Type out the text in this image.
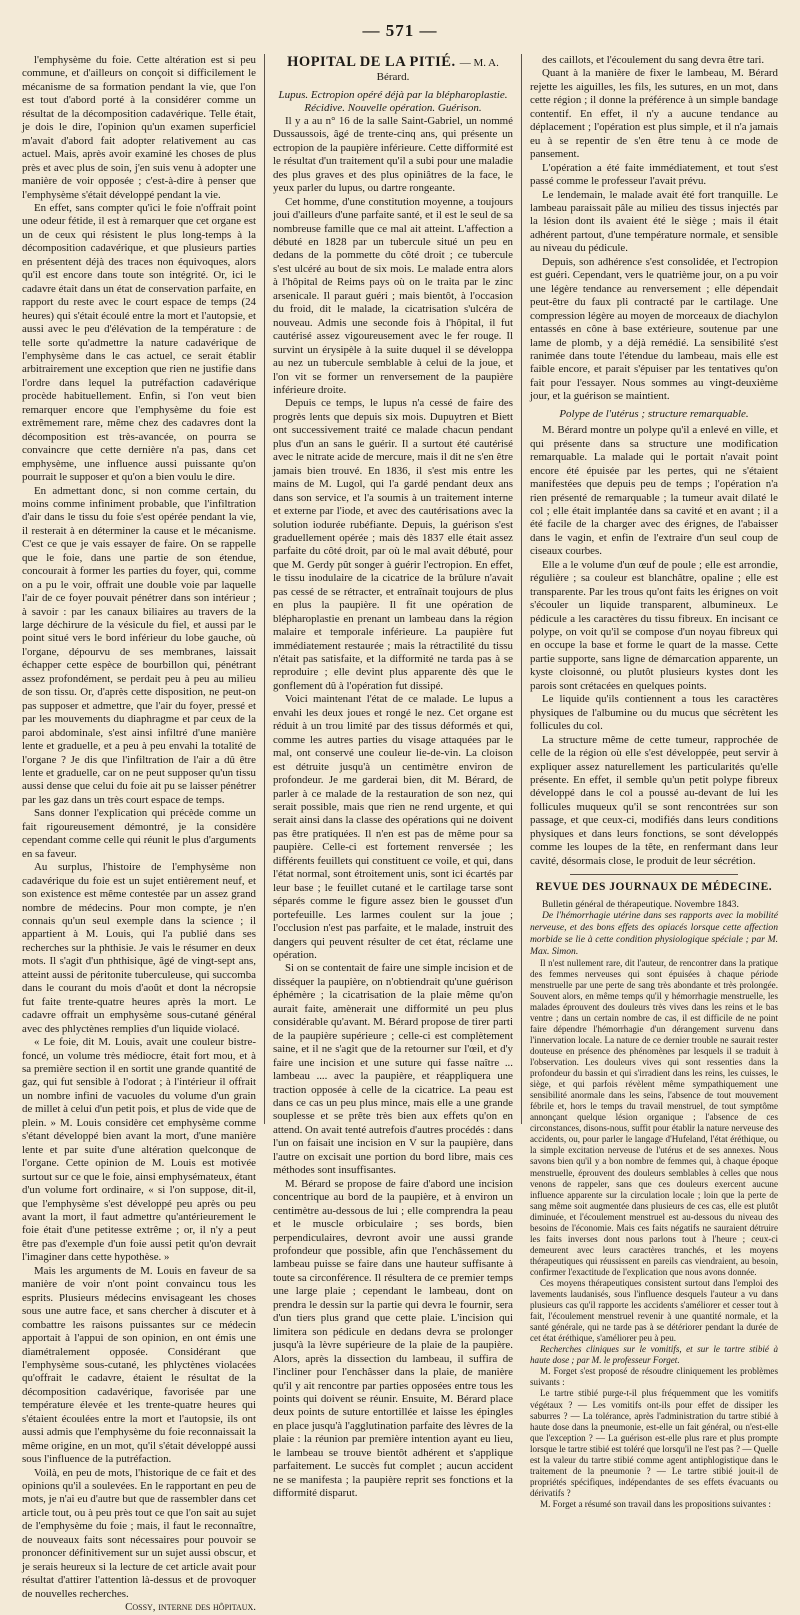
— 571 —

l'emphysème du foie. Cette altération est si peu commune, et d'ailleurs on conçoit si difficilement le mécanisme de sa formation pendant la vie, que l'on est tout d'abord porté à la considérer comme un résultat de la décomposition cadavérique. Telle était, je dois le dire, l'opinion qu'un examen superficiel m'avait d'abord fait adopter relativement au cas actuel. Mais, après avoir examiné les choses de plus près et avec plus de soin, j'en suis venu à adopter une manière de voir opposée ; c'est-à-dire à penser que l'emphysème s'était développé pendant la vie.

En effet, sans compter qu'ici le foie n'offrait point une odeur fétide, il est à remarquer que cet organe est un de ceux qui résistent le plus long-temps à la décomposition cadavérique, et que plusieurs parties en présentent déjà des traces non équivoques, alors qu'il est encore dans toute son intégrité. Or, ici le cadavre était dans un état de conservation parfaite, en rapport du reste avec le court espace de temps (24 heures) qui s'était écoulé entre la mort et l'autopsie, et aussi avec le peu d'élévation de la température : de telle sorte qu'admettre la nature cadavérique de l'emphysème dans le cas actuel, ce serait établir arbitrairement une exception que rien ne justifie dans l'ordre dans lequel la putréfaction cadavérique procède habituellement. Enfin, si l'on veut bien remarquer encore que l'emphysème du foie est extrêmement rare, même chez des cadavres dont la décomposition est très-avancée, on pourra se convaincre que cette dernière n'a pas, dans cet emphysème, une influence aussi puissante qu'on pourrait le supposer et qu'on a bien voulu le dire.

En admettant donc, si non comme certain, du moins comme infiniment probable, que l'infiltration d'air dans le tissu du foie s'est opérée pendant la vie, il resterait à en déterminer la cause et le mécanisme. C'est ce que je vais essayer de faire. On se rappelle que le foie, dans une partie de son étendue, concourait à former les parties du foyer, qui, comme on a pu le voir, offrait une double voie par laquelle l'air de ce foyer pouvait pénétrer dans son intérieur ; à savoir : par les canaux biliaires au travers de la large déchirure de la vésicule du fiel, et aussi par le point situé vers le bord inférieur du lobe gauche, où l'organe, dépourvu de ses membranes, laissait échapper cette espèce de bourbillon qui, pénétrant assez profondément, se perdait peu à peu au milieu de son tissu. Or, d'après cette disposition, ne peut-on pas supposer et admettre, que l'air du foyer, pressé et par les mouvements du diaphragme et par ceux de la paroi abdominale, s'est ainsi infiltré d'une manière lente et graduelle, et a peu à peu envahi la totalité de l'organe ? Je dis que l'infiltration de l'air a dû être lente et graduelle, car on ne peut supposer qu'un tissu aussi dense que celui du foie ait pu se laisser pénétrer par les gaz dans un très court espace de temps.

Sans donner l'explication qui précède comme un fait rigoureusement démontré, je la considère cependant comme celle qui réunit le plus d'arguments en sa faveur.

Au surplus, l'histoire de l'emphysème non cadavérique du foie est un sujet entièrement neuf, et son existence est même contestée par un assez grand nombre de médecins. Pour mon compte, je n'en connais qu'un seul exemple dans la science ; il appartient à M. Louis, qui l'a publié dans ses recherches sur la phthisie. Je vais le résumer en deux mots. Il s'agit d'un phthisique, âgé de vingt-sept ans, atteint aussi de péritonite tuberculeuse, qui succomba dans le courant du mois d'août et dont la nécropsie fut faite trente-quatre heures après la mort. Le cadavre offrait un emphysème sous-cutané général avec des phlyctènes remplies d'un liquide violacé.

« Le foie, dit M. Louis, avait une couleur bistre-foncé, un volume très médiocre, était fort mou, et à sa première section il en sortit une grande quantité de gaz, qui fut sensible à l'odorat ; à l'intérieur il offrait un nombre infini de vacuoles du volume d'un grain de millet à celui d'un petit pois, et plus de vide que de plein. » M. Louis considère cet emphysème comme s'étant développé bien avant la mort, d'une manière lente et par suite d'une altération quelconque de l'organe. Cette opinion de M. Louis est motivée surtout sur ce que le foie, ainsi emphysémateux, étant d'un volume fort ordinaire, « si l'on suppose, dit-il, que l'emphysème s'est développé peu après ou peu avant la mort, il faut admettre qu'antérieurement le foie était d'une petitesse extrême ; or, il n'y a peut être pas d'exemple d'un foie aussi petit qu'on devrait l'imaginer dans cette hypothèse. »

Mais les arguments de M. Louis en faveur de sa manière de voir n'ont point convaincu tous les esprits. Plusieurs médecins envisageant les choses sous une autre face, et sans chercher à discuter et à combattre les raisons puissantes sur ce médecin apportait à l'appui de son opinion, en ont émis une diamétralement opposée. Considérant que l'emphysème sous-cutané, les phlyctènes violacées qu'offrait le cadavre, étaient le résultat de la décomposition cadavérique, favorisée par une température élevée et les trente-quatre heures qui s'étaient écoulées entre la mort et l'autopsie, ils ont aussi admis que l'emphysème du foie reconnaissait la même origine, en un mot, qu'il s'était développé aussi sous l'influence de la putréfaction.

Voilà, en peu de mots, l'historique de ce fait et des opinions qu'il a soulevées. En le rapportant en peu de mots, je n'ai eu d'autre but que de rassembler dans cet article tout, ou à peu près tout ce que l'on sait au sujet de l'emphysème du foie ; mais, il faut le reconnaître, de nouveaux faits sont nécessaires pour pouvoir se prononcer définitivement sur un sujet aussi obscur, et je serais heureux si la lecture de cet article avait pour résultat d'attirer l'attention là-dessus et de provoquer de nouvelles recherches.

Cossy, interne des hôpitaux.

HOPITAL DE LA PITIÉ. — M. A. Bérard.

Lupus. Ectropion opéré déjà par la blépharoplastie. Récidive. Nouvelle opération. Guérison.

Il y a au n° 16 de la salle Saint-Gabriel, un nommé Dussaussois, âgé de trente-cinq ans, qui présente un ectropion de la paupière inférieure. Cette difformité est le résultat d'un traitement qu'il a subi pour une maladie des plus graves et des plus opiniâtres de la face, le yeux parler du lupus, ou dartre rongeante.

Cet homme, d'une constitution moyenne, a toujours joui d'ailleurs d'une parfaite santé, et il est le seul de sa nombreuse famille que ce mal ait atteint. L'affection a débuté en 1828 par un tubercule situé un peu en dedans de la pommette du côté droit ; ce tubercule s'est ulcéré au bout de six mois. Le malade entra alors à l'hôpital de Reims pays où on le traita par le zinc arsenicale. Il paraut guéri ; mais bientôt, à l'occasion du froid, dit le malade, la cicatrisation s'ulcéra de nouveau. Admis une seconde fois à l'hôpital, il fut cautérisé assez vigoureusement avec le fer rouge. Il survint un érysipèle à la suite duquel il se développa au nez un tubercule semblable à celui de la joue, et l'on vit se former un renversement de la paupière inférieure droite.

Depuis ce temps, le lupus n'a cessé de faire des progrès lents que depuis six mois. Dupuytren et Biett ont successivement traité ce malade chacun pendant plus d'un an sans le guérir. Il a surtout été cautérisé avec le nitrate acide de mercure, mais il dit ne s'en être jamais bien trouvé. En 1836, il s'est mis entre les mains de M. Lugol, qui l'a gardé pendant deux ans dans son service, et l'a soumis à un traitement interne et externe par l'iode, et avec des cautérisations avec la solution iodurée rubéfiante. Depuis, la guérison s'est graduellement opérée ; mais dès 1837 elle était assez parfaite du côté droit, par où le mal avait débuté, pour que M. Gerdy pût songer à guérir l'ectropion. En effet, le tissu inodulaire de la cicatrice de la brûlure n'avait pas cessé de se rétracter, et entraînait toujours de plus en plus la paupière. Il fit une opération de blépharoplastie en prenant un lambeau dans la région malaire et temporale inférieure. La paupière fut immédiatement restaurée ; mais la rétractilité du tissu n'était pas satisfaite, et la difformité ne tarda pas à se reproduire ; elle devint plus apparente dès que le gonflement dû à l'opération fut dissipé.

Voici maintenant l'état de ce malade. Le lupus a envahi les deux joues et rongé le nez. Cet organe est réduit à un trou limité par des tissus déformés et qui, comme les autres parties du visage attaquées par le mal, ont conservé une couleur lie-de-vin. La cloison est détruite jusqu'à un centimètre environ de profondeur. Je me garderai bien, dit M. Bérard, de parler à ce malade de la restauration de son nez, qui serait possible, mais que rien ne rend urgente, et qui serait ainsi dans la classe des opérations qui ne doivent pas être pratiquées. Il n'en est pas de même pour sa paupière. Celle-ci est fortement renversée ; les différents feuillets qui constituent ce voile, et qui, dans l'état normal, sont étroitement unis, sont ici écartés par leur base ; le feuillet cutané et le cartilage tarse sont séparés comme le figure assez bien le gousset d'un portefeuille. Les larmes coulent sur la joue ; l'occlusion n'est pas parfaite, et le malade, instruit des dangers qui peuvent résulter de cet état, réclame une opération.

Si on se contentait de faire une simple incision et de disséquer la paupière, on n'obtiendrait qu'une guérison éphémère ; la cicatrisation de la plaie même qu'on aurait faite, amènerait une difformité un peu plus considérable qu'avant. M. Bérard propose de tirer parti de la paupière supérieure ; celle-ci est complètement saine, et il ne s'agit que de la retourner sur l'œil, et d'y faire une incision et une suture qui fasse naître ... lambeau .... avec la paupière, et réappliquera une traction opposée à celle de la cicatrice. La peau est dans ce cas un peu plus mince, mais elle a une grande souplesse et se prête très bien aux effets qu'on en attend. On avait tenté autrefois d'autres procédés : dans l'un on faisait une incision en V sur la paupière, dans l'autre on excisait une portion du bord libre, mais ces méthodes sont insuffisantes.

M. Bérard se propose de faire d'abord une incision concentrique au bord de la paupière, et à environ un centimètre au-dessous de lui ; elle comprendra la peau et le muscle orbiculaire ; ses bords, bien perpendiculaires, devront avoir une aussi grande profondeur que possible, afin que l'enchâssement du lambeau puisse se faire dans une hauteur suffisante à toute sa circonférence. Il résultera de ce premier temps une large plaie ; cependant le lambeau, dont on prendra le dessin sur la partie qui devra le fournir, sera d'un tiers plus grand que cette plaie. L'incision qui limitera son pédicule en dedans devra se prolonger jusqu'à la lèvre supérieure de la plaie de la paupière. Alors, après la dissection du lambeau, il suffira de l'incliner pour l'enchâsser dans la plaie, de manière qu'il y ait rencontre par parties opposées entre tous les points qui doivent se réunir. Ensuite, M. Bérard place deux points de suture entortillée et laisse les épingles en place jusqu'à l'agglutination parfaite des lèvres de la plaie : la réunion par première intention ayant eu lieu, le lambeau se trouve bientôt adhérent et s'applique parfaitement. Le succès fut complet ; aucun accident ne se manifesta ; la paupière reprit ses fonctions et la difformité disparut.

des caillots, et l'écoulement du sang devra être tari.

Quant à la manière de fixer le lambeau, M. Bérard rejette les aiguilles, les fils, les sutures, en un mot, dans cette région ; il donne la préférence à un simple bandage contentif. En effet, il n'y a aucune tendance au déplacement ; l'opération est plus simple, et il n'a jamais eu à se repentir de s'en être tenu à ce mode de pansement.

L'opération a été faite immédiatement, et tout s'est passé comme le professeur l'avait prévu.

Le lendemain, le malade avait été fort tranquille. Le lambeau paraissait pâle au milieu des tissus injectés par la lésion dont ils avaient été le siège ; mais il était adhérent partout, d'une température normale, et sensible au niveau du pédicule.

Depuis, son adhérence s'est consolidée, et l'ectropion est guéri. Cependant, vers le quatrième jour, on a pu voir une légère tendance au renversement ; elle dépendait peut-être du faux pli contracté par le cartilage. Une compression légère au moyen de morceaux de diachylon entassés en cône à base extérieure, soutenue par une lame de plomb, y a déjà remédié. La sensibilité s'est ranimée dans toute l'étendue du lambeau, mais elle est faible encore, et parait s'épuiser par les tentatives qu'on fait pour l'essayer. Nous sommes au vingt-deuxième jour, et la guérison se maintient.

Polype de l'utérus ; structure remarquable.

M. Bérard montre un polype qu'il a enlevé en ville, et qui présente dans sa structure une modification remarquable. La malade qui le portait n'avait point encore été épuisée par les pertes, qui ne s'étaient manifestées que depuis peu de temps ; l'opération n'a rien présenté de remarquable ; la tumeur avait dilaté le col ; elle était implantée dans sa cavité et en avant ; il a été facile de la charger avec des érignes, de l'abaisser dans le vagin, et enfin de l'extraire d'un seul coup de ciseaux courbes.

Elle a le volume d'un œuf de poule ; elle est arrondie, régulière ; sa couleur est blanchâtre, opaline ; elle est transparente. Par les trous qu'ont faits les érignes on voit s'écouler un liquide transparent, albumineux. Le pédicule a les caractères du tissu fibreux. En incisant ce polype, on voit qu'il se compose d'un noyau fibreux qui en occupe la base et forme le quart de la masse. Cette partie supporte, sans ligne de démarcation apparente, un kyste cloisonné, ou plutôt plusieurs kystes dont les parois sont crétacées en quelques points.

Le liquide qu'ils contiennent a tous les caractères physiques de l'albumine ou du mucus que sécrètent les follicules du col.

La structure même de cette tumeur, rapprochée de celle de la région où elle s'est développée, peut servir à expliquer assez naturellement les particularités qu'elle présente. En effet, il semble qu'un petit polype fibreux développé dans le col a poussé au-devant de lui les follicules muqueux qu'il se sont rencontrées sur son passage, et que ceux-ci, modifiés dans leurs conditions physiques et dans leurs fonctions, se sont développés comme les loupes de la tête, en renfermant dans leur cavité, désormais close, le produit de leur sécrétion.

REVUE DES JOURNAUX DE MÉDECINE.

Bulletin général de thérapeutique. Novembre 1843.

De l'hémorrhagie utérine dans ses rapports avec la mobilité nerveuse, et des bons effets des opiacés lorsque cette affection morbide se lie à cette condition physiologique spéciale ; par M. Max. Simon.

Il n'est nullement rare, dit l'auteur, de rencontrer dans la pratique des femmes nerveuses qui sont épuisées à chaque période menstruelle par une perte de sang très abondante et très prolongée. Souvent alors, en même temps qu'il y hémorrhagie menstruelle, les malades éprouvent des douleurs très vives dans les reins et le bas ventre ; dans un certain nombre de cas, il est difficile de ne point faire dépendre l'hémorrhagie d'un dérangement survenu dans l'innervation locale. La nature de ce dernier trouble ne saurait rester douteuse en présence des phénomènes par lesquels il se traduit à l'observation. Les douleurs vives qui sont ressenties dans la profondeur du bassin et qui s'irradient dans les reins, les cuisses, le siège, et qui parfois révèlent même sympathiquement une sensibilité anormale dans les seins, l'absence de tout mouvement fébrile et, hors le temps du travail menstruel, de tout symptôme annonçant quelque lésion organique ; l'absence de ces circonstances, disons-nous, suffit pour établir la nature nerveuse des accidents, ou, pour parler le langage d'Hufeland, l'état éréthique, ou la simple excitation nerveuse de l'utérus et de ses annexes. Nous savons bien qu'il y a bon nombre de femmes qui, à chaque époque menstruelle, éprouvent des douleurs semblables à celles que nous venons de rappeler, sans que ces douleurs exercent aucune influence apparente sur la circulation locale ; loin que la perte de sang même soit augmentée dans plusieurs de ces cas, elle est plutôt diminuée, et l'écoulement menstruel est au-dessous du niveau des besoins de l'économie. Mais ces faits négatifs ne sauraient détruire les faits inverses dont nous parlons tout à l'heure ; ceux-ci demeurent avec leurs caractères tranchés, et les moyens thérapeutiques qui réussissent en pareils cas viendraient, au besoin, confirmer l'exactitude de l'explication que nous avons donnée.

Ces moyens thérapeutiques consistent surtout dans l'emploi des lavements laudanisés, sous l'influence desquels l'auteur a vu dans plusieurs cas qu'il rapporte les accidents s'améliorer et cesser tout à fait, l'écoulement menstruel revenir à une quantité normale, et la santé générale, qui ne tarde pas à se détériorer pendant la durée de cet état éréthique, s'améliorer peu à peu.

Recherches cliniques sur le vomitifs, et sur le tartre stibié à haute dose ; par M. le professeur Forget.

M. Forget s'est proposé de résoudre cliniquement les problèmes suivants :

Le tartre stibié purge-t-il plus fréquemment que les vomitifs végétaux ? — Les vomitifs ont-ils pour effet de dissiper les saburres ? — La tolérance, après l'administration du tartre stibié à haute dose dans la pneumonie, est-elle un fait général, ou n'est-elle que l'exception ? — La guérison est-elle plus rare et plus prompte lorsque le tartre stibié est toléré que lorsqu'il ne l'est pas ? — Quelle est la valeur du tartre stibié comme agent antiphlogistique dans le traitement de la pneumonie ? — Le tartre stibié jouit-il de propriétés spécifiques, indépendantes de ses effets évacuants ou dérivatifs ?

M. Forget a résumé son travail dans les propositions suivantes :
